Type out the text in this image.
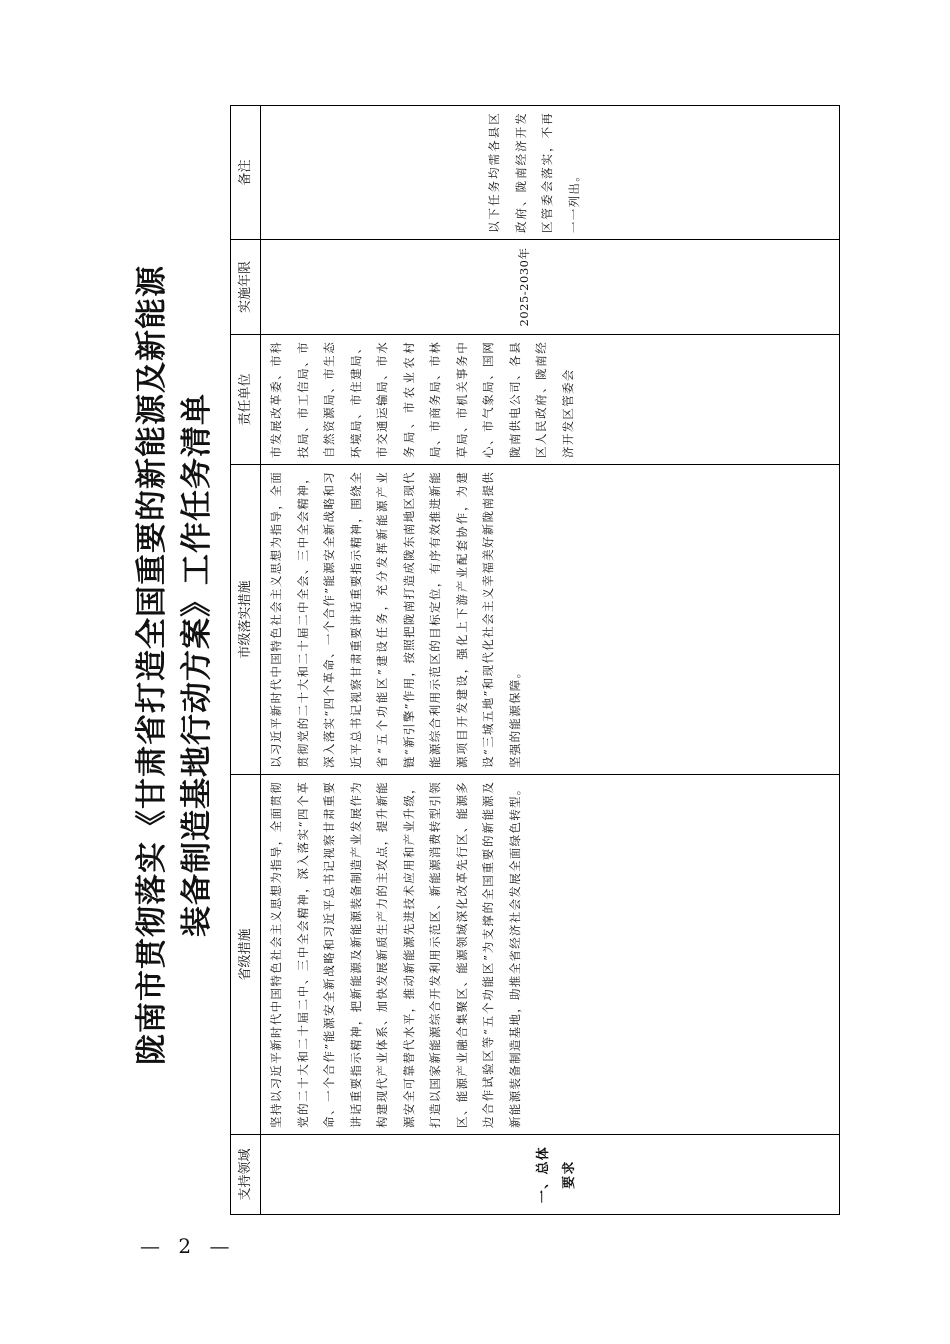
陇南市贯彻落实《甘肃省打造全国重要的新能源及新能源 装备制造基地行动方案》工作任务清单
支持领域
省级措施
市级落实措施
责任单位
实施年限
备注
一、总体要求
坚持以习近平新时代中国特色社会主义思想为指导，全面贯彻党的二十大和二十届二中、三中全会精神，深入落实“四个革命、一个合作”能源安全新战略和习近平总书记视察甘肃重要讲话重要指示精神，把新能源及新能源装备制造产业发展作为构建现代产业体系、加快发展新质生产力的主攻点，提升新能源安全可靠替代水平，推动新能源先进技术应用和产业升级，打造以国家新能源综合开发利用示范区、新能源消费转型引领区、能源产业融合集聚区、能源领域深化改革先行区、能源多边合作试验区等“五个功能区”为支撑的全国重要的新能源及新能源装备制造基地，助推全省经济社会发展全面绿色转型。
以习近平新时代中国特色社会主义思想为指导，全面贯彻党的二十大和二十届二中全会、三中全会精神，深入落实“四个革命、一个合作”能源安全新战略和习近平总书记视察甘肃重要讲话重要指示精神，围绕全省“五个功能区”建设任务，充分发挥新能源产业链“新引擎”作用，按照把陇南打造成陇东南地区现代能源综合利用示范区的目标定位，有序有效推进新能源项目开发建设，强化上下游产业配套协作，为建设“三城五地”和现代化社会主义幸福美好新陇南提供坚强的能源保障。
市发展改革委、市科技局、市工信局、市自然资源局、市生态环境局、市住建局、市交通运输局、市水务局、市农业农村局、市商务局、市林草局、市机关事务中心、市气象局、国网陇南供电公司、各县区人民政府、陇南经济开发区管委会
2025-2030年
以下任务均需各县区政府、陇南经济开发区管委会落实，不再一一列出。
— 2 —
